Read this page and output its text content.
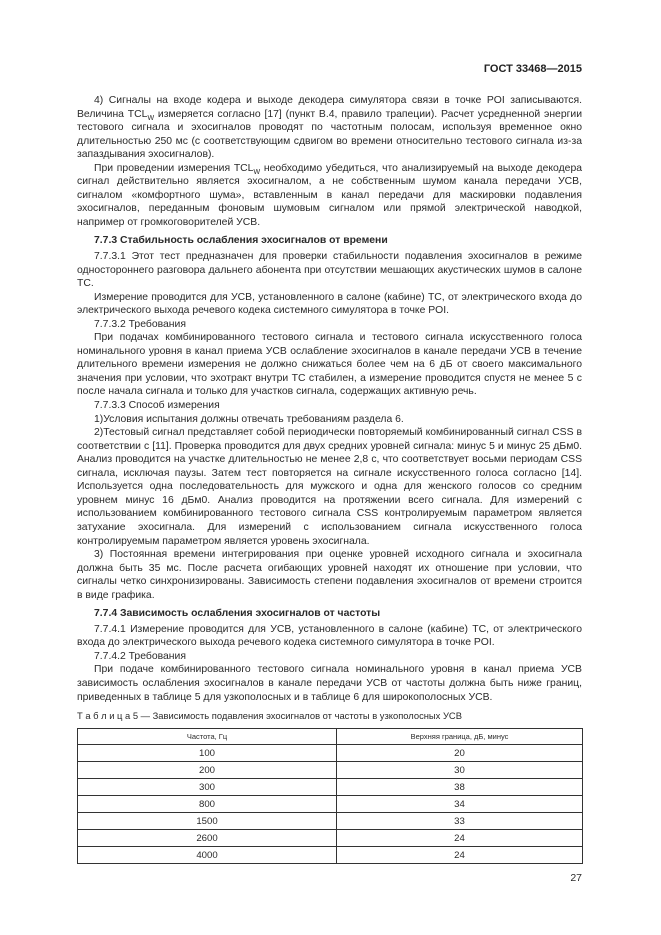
ГОСТ 33468—2015

4) Сигналы на входе кодера и выходе декодера симулятора связи в точке POI записываются. Величина $TCL_W$ измеряется согласно [17] (пункт B.4, правило трапеции). Расчет усредненной энергии тестового сигнала и эхосигналов проводят по частотным полосам, используя временное окно длительностью 250 мс (с соответствующим сдвигом во времени относительно тестового сигнала из-за запаздывания эхосигналов).

При проведении измерения $TCL_W$ необходимо убедиться, что анализируемый на выходе декодера сигнал действительно является эхосигналом, а не собственным шумом канала передачи УСВ, сигналом «комфортного шума», вставленным в канал передачи для маскировки подавления эхосигналов, переданным фоновым шумовым сигналом или прямой электрической наводкой, например от громкоговорителей УСВ.

7.7.3 Стабильность ослабления эхосигналов от времени

7.7.3.1 Этот тест предназначен для проверки стабильности подавления эхосигналов в режиме одностороннего разговора дальнего абонента при отсутствии мешающих акустических шумов в салоне ТС.

Измерение проводится для УСВ, установленного в салоне (кабине) ТС, от электрического входа до электрического выхода речевого кодека системного симулятора в точке POI.

7.7.3.2 Требования

При подачах комбинированного тестового сигнала и тестового сигнала искусственного голоса номинального уровня в канал приема УСВ ослабление эхосигналов в канале передачи УСВ в течение длительного времени измерения не должно снижаться более чем на 6 дБ от своего максимального значения при условии, что эхотракт внутри ТС стабилен, а измерение проводится спустя не менее 5 с после начала сигнала и только для участков сигнала, содержащих активную речь.

7.7.3.3 Способ измерения

1)Условия испытания должны отвечать требованиям раздела 6.

2)Тестовый сигнал представляет собой периодически повторяемый комбинированный сигнал CSS в соответствии с [11]. Проверка проводится для двух средних уровней сигнала: минус 5 и минус 25 дБм0. Анализ проводится на участке длительностью не менее 2,8 с, что соответствует восьми периодам CSS сигнала, исключая паузы. Затем тест повторяется на сигнале искусственного голоса согласно [14]. Используется одна последовательность для мужского и одна для женского голосов со средним уровнем минус 16 дБм0. Анализ проводится на протяжении всего сигнала. Для измерений с использованием комбинированного тестового сигнала CSS контролируемым параметром является затухание эхосигнала. Для измерений с использованием сигнала искусственного голоса контролируемым параметром является уровень эхосигнала.

3) Постоянная времени интегрирования при оценке уровней исходного сигнала и эхосигнала должна быть 35 мс. После расчета огибающих уровней находят их отношение при условии, что сигналы четко синхронизированы. Зависимость степени подавления эхосигналов от времени строится в виде графика.

7.7.4 Зависимость ослабления эхосигналов от частоты

7.7.4.1 Измерение проводится для УСВ, установленного в салоне (кабине) ТС, от электрического входа до электрического выхода речевого кодека системного симулятора в точке POI.

7.7.4.2 Требования

При подаче комбинированного тестового сигнала номинального уровня в канал приема УСВ зависимость ослабления эхосигналов в канале передачи УСВ от частоты должна быть ниже границ, приведенных в таблице 5 для узкополосных и в таблице 6 для широкополосных УСВ.

Т а б л и ц а 5 — Зависимость подавления эхосигналов от частоты в узкополосных УСВ
Частота, Гц	Верхняя граница, дБ, минус
100	20
200	30
300	38
800	34
1500	33
2600	24
4000	24
27
